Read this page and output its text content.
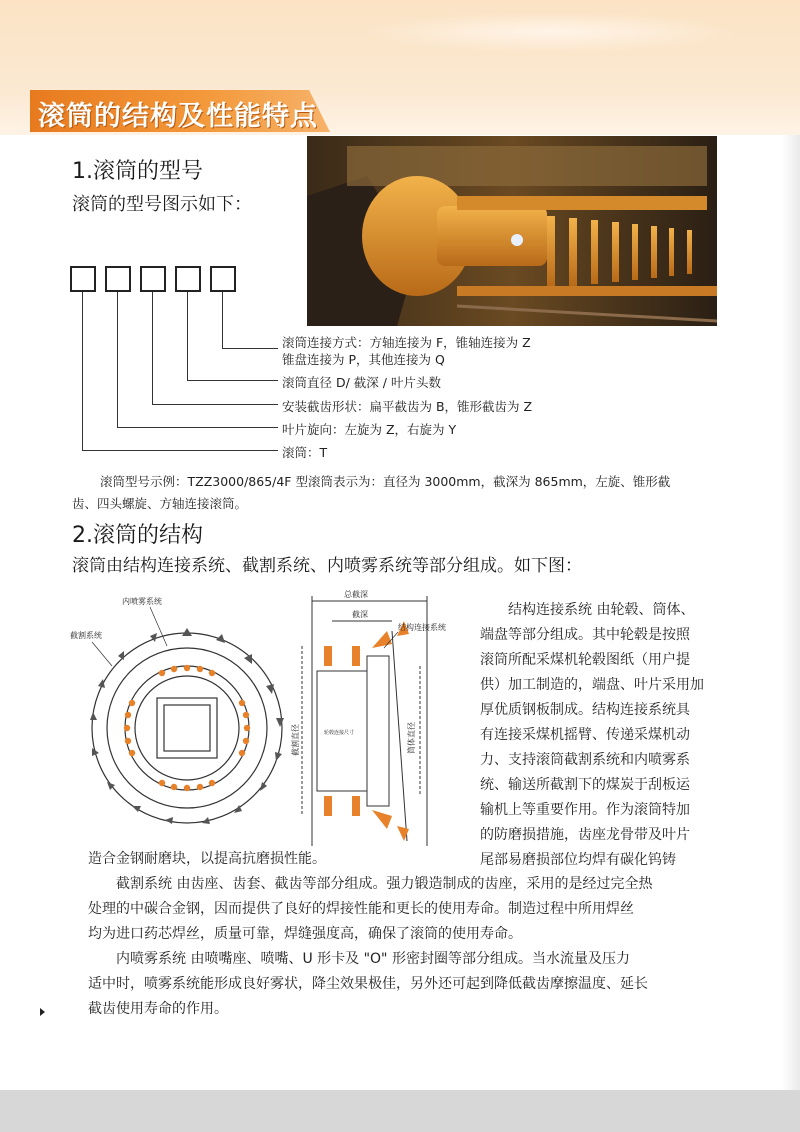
滚筒的结构及性能特点
1.滚筒的型号
滚筒的型号图示如下：
滚筒连接方式：方轴连接为 F，锥轴连接为 Z
锥盘连接为 P，其他连接为 Q
滚筒直径 D/ 截深 / 叶片头数
安装截齿形状：扁平截齿为 B，锥形截齿为 Z
叶片旋向：左旋为 Z，右旋为 Y
滚筒：T
滚筒型号示例：TZZ3000/865/4F 型滚筒表示为：直径为 3000mm，截深为 865mm，左旋、锥形截
齿、四头螺旋、方轴连接滚筒。
2.滚筒的结构
滚筒由结构连接系统、截割系统、内喷雾系统等部分组成。如下图：
内喷雾系统
截割系统
总截深
截深
结构连接系统
截割直径	筒体直径
轮毂连接尺寸
结构连接系统 由轮毂、筒体、
端盘等部分组成。其中轮毂是按照
滚筒所配采煤机轮毂图纸（用户提
供）加工制造的，端盘、叶片采用加
厚优质钢板制成。结构连接系统具
有连接采煤机摇臂、传递采煤机动
力、支持滚筒截割系统和内喷雾系
统、输送所截割下的煤炭于刮板运
输机上等重要作用。作为滚筒特加
的防磨损措施，齿座龙骨带及叶片
尾部易磨损部位均焊有碳化钨铸
造合金钢耐磨块，以提高抗磨损性能。
截割系统 由齿座、齿套、截齿等部分组成。强力锻造制成的齿座，采用的是经过完全热
处理的中碳合金钢，因而提供了良好的焊接性能和更长的使用寿命。制造过程中所用焊丝
均为进口药芯焊丝，质量可靠，焊缝强度高，确保了滚筒的使用寿命。
内喷雾系统 由喷嘴座、喷嘴、U 形卡及 "O" 形密封圈等部分组成。当水流量及压力
适中时，喷雾系统能形成良好雾状，降尘效果极佳，另外还可起到降低截齿摩擦温度、延长
截齿使用寿命的作用。
